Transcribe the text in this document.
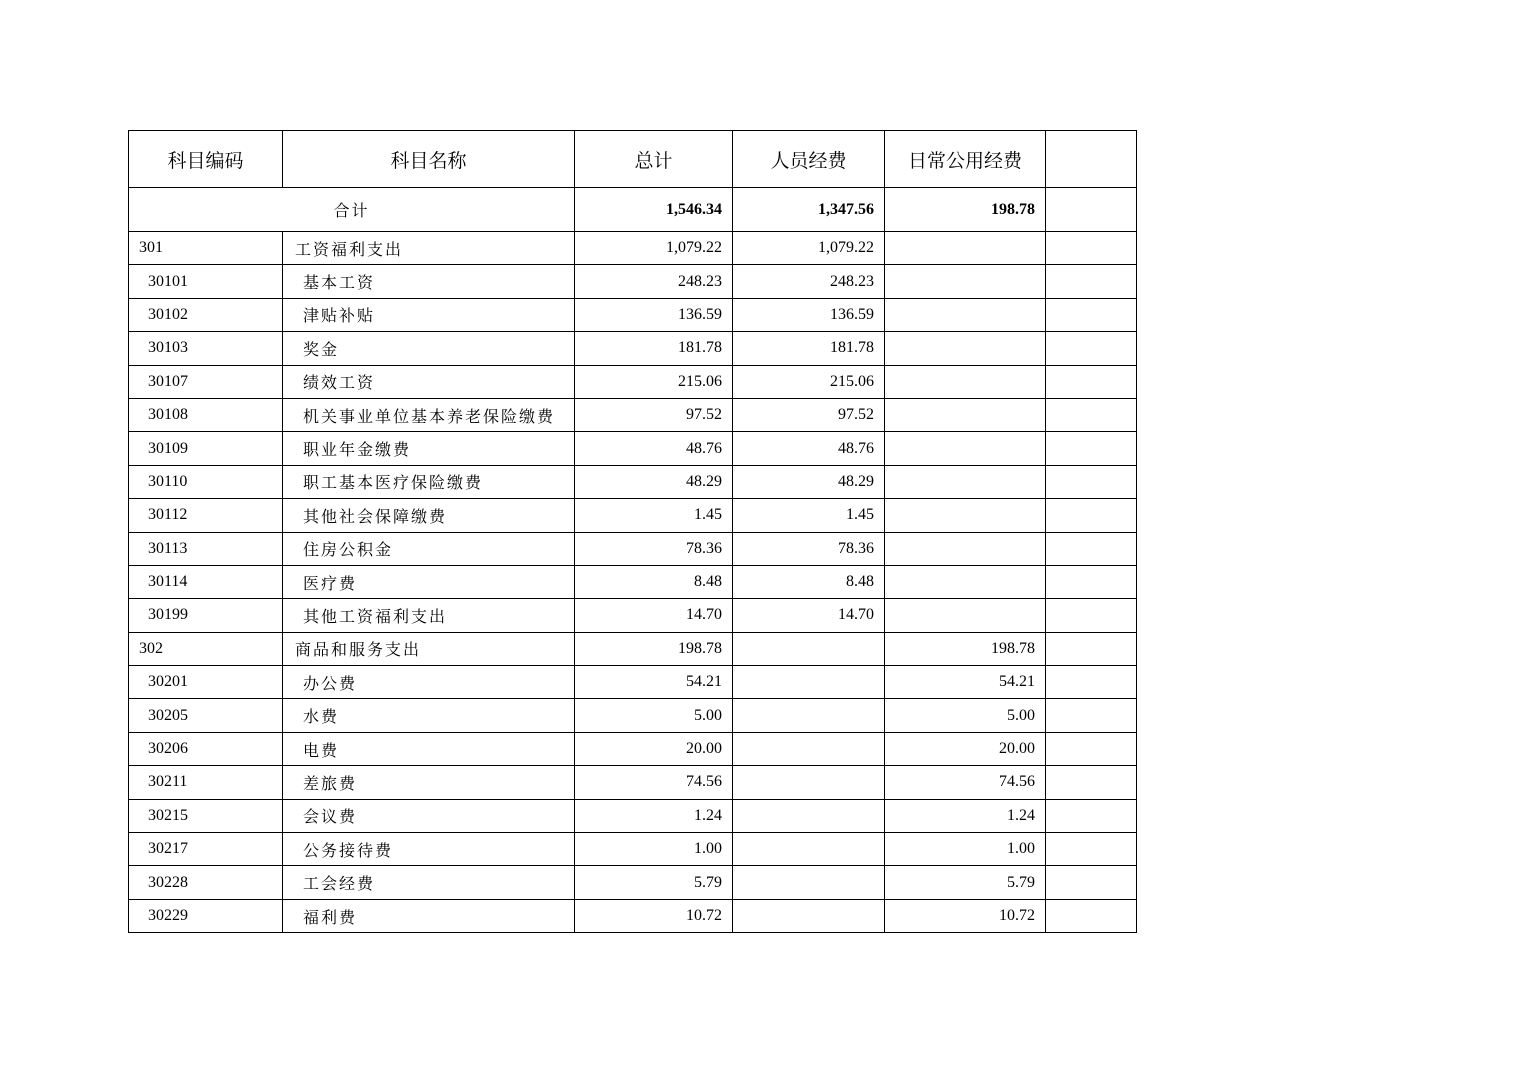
科目编码	科目名称	总计	人员经费	日常公用经费	
合计		1,546.34	1,347.56	198.78	
301	工资福利支出	1,079.22	1,079.22		
30101	基本工资	248.23	248.23		
30102	津贴补贴	136.59	136.59		
30103	奖金	181.78	181.78		
30107	绩效工资	215.06	215.06		
30108	机关事业单位基本养老保险缴费	97.52	97.52		
30109	职业年金缴费	48.76	48.76		
30110	职工基本医疗保险缴费	48.29	48.29		
30112	其他社会保障缴费	1.45	1.45		
30113	住房公积金	78.36	78.36		
30114	医疗费	8.48	8.48		
30199	其他工资福利支出	14.70	14.70		
302	商品和服务支出	198.78		198.78	
30201	办公费	54.21		54.21	
30205	水费	5.00		5.00	
30206	电费	20.00		20.00	
30211	差旅费	74.56		74.56	
30215	会议费	1.24		1.24	
30217	公务接待费	1.00		1.00	
30228	工会经费	5.79		5.79	
30229	福利费	10.72		10.72	
